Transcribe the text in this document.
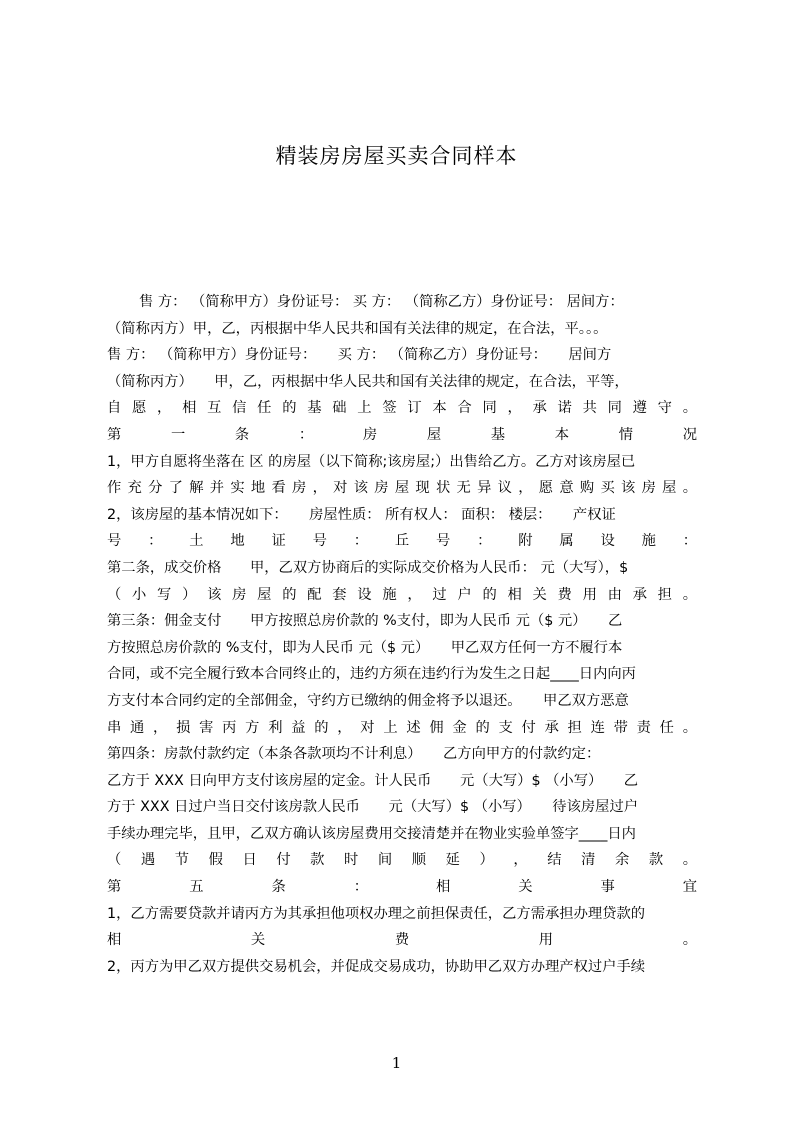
精装房房屋买卖合同样本
售 方： （简称甲方）身份证号： 买 方： （简称乙方）身份证号： 居间方：
（简称丙方）甲，乙，丙根据中华人民共和国有关法律的规定，在合法，平。。。
售 方： （简称甲方）身份证号：　　买 方： （简称乙方）身份证号：　　居间方
（简称丙方）　　甲，乙，丙根据中华人民共和国有关法律的规定，在合法，平等，
自 愿 ， 相 互 信 任 的 基 础 上 签 订 本 合 同 ， 承 诺 共 同 遵 守 。
第 一 条 ： 房 屋 基 本 情 况
1，甲方自愿将坐落在 区 的房屋（以下简称;该房屋;）出售给乙方。乙方对该房屋已
作 充 分 了 解 并 实 地 看 房 ， 对 该 房 屋 现 状 无 异 议 ， 愿 意 购 买 该 房 屋 。
2，该房屋的基本情况如下：　　房屋性质： 所有权人： 面积： 楼层：　　产权证
号 ： 土 地 证 号 ： 丘 号 ： 附 属 设 施 ：
第二条，成交价格　　甲，乙双方协商后的实际成交价格为人民币： 元（大写），$
（ 小 写 ） 该 房 屋 的 配 套 设 施 ， 过 户 的 相 关 费 用 由 承 担 。
第三条：佣金支付　　甲方按照总房价款的 %支付，即为人民币 元（$ 元）　　乙
方按照总房价款的 %支付，即为人民币 元（$ 元）　　甲乙双方任何一方不履行本
合同，或不完全履行致本合同终止的，违约方须在违约行为发生之日起____日内向丙
方支付本合同约定的全部佣金，守约方已缴纳的佣金将予以退还。　　甲乙双方恶意
串 通 ， 损 害 丙 方 利 益 的 ， 对 上 述 佣 金 的 支 付 承 担 连 带 责 任 。
第四条：房款付款约定（本条各款项均不计利息）　　乙方向甲方的付款约定：
乙方于 XXX 日向甲方支付该房屋的定金。计人民币　　元（大写）$ （小写）　　乙
方于 XXX 日过户当日交付该房款人民币　　元（大写）$ （小写）　　待该房屋过户
手续办理完毕，且甲，乙双方确认该房屋费用交接清楚并在物业实验单签字____日内
（ 遇 节 假 日 付 款 时 间 顺 延 ） ， 结 清 余 款 。
第 五 条 ： 相 关 事 宜
1，乙方需要贷款并请丙方为其承担他项权办理之前担保责任，乙方需承担办理贷款的
相 关 费 用 。
2，丙方为甲乙双方提供交易机会，并促成交易成功，协助甲乙双方办理产权过户手续
1
